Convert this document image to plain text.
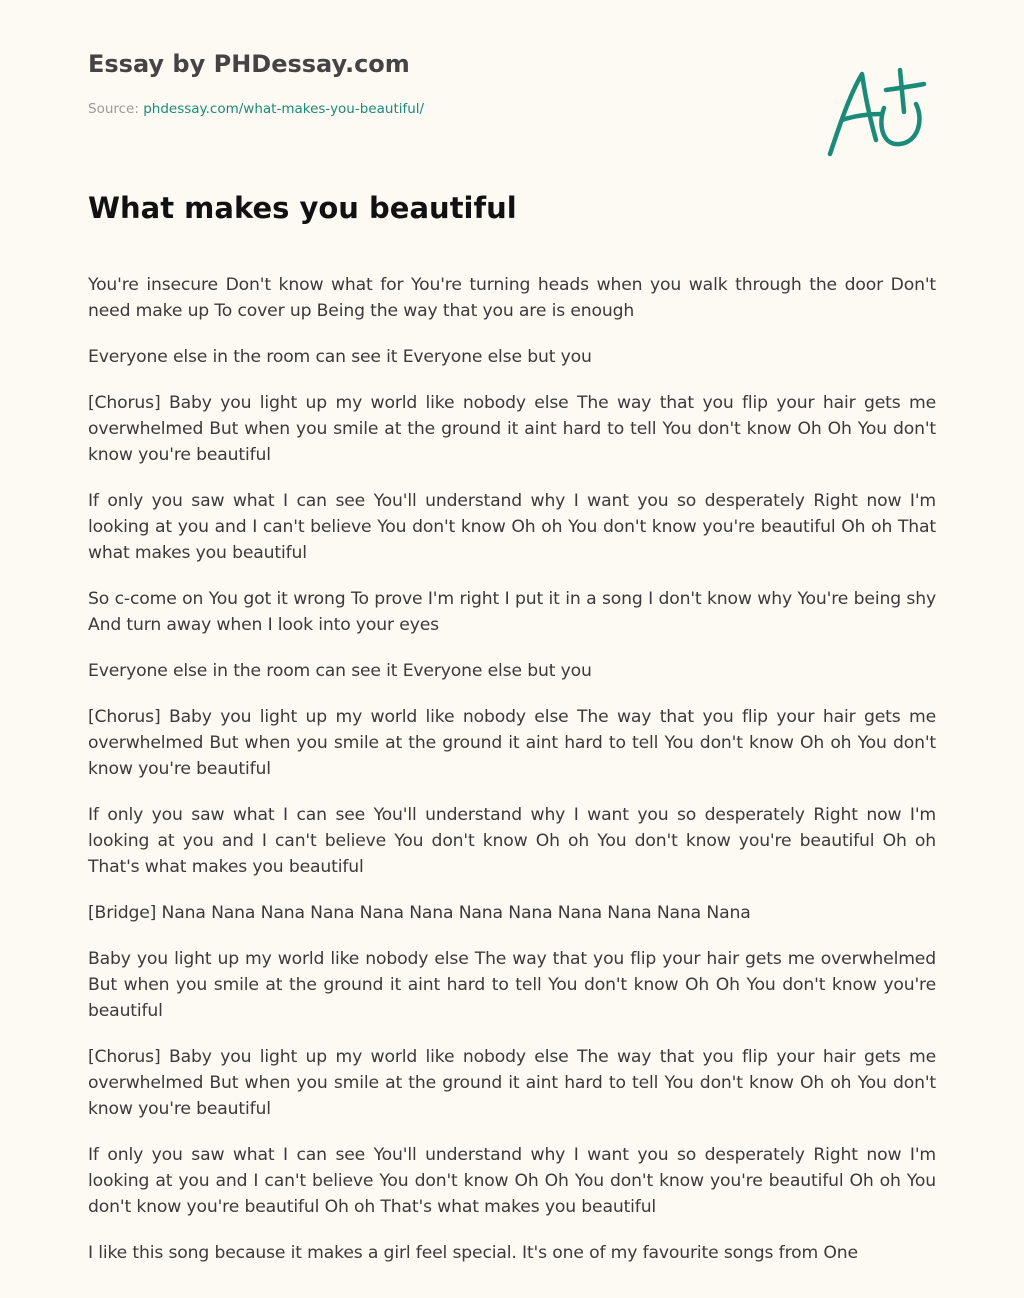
Essay by PHDessay.com
Source: phdessay.com/what-makes-you-beautiful/
What makes you beautiful

You're insecure Don't know what for You're turning heads when you walk through the door Don't need make up To cover up Being the way that you are is enough

Everyone else in the room can see it Everyone else but you

[Chorus] Baby you light up my world like nobody else The way that you flip your hair gets me overwhelmed But when you smile at the ground it aint hard to tell You don't know Oh Oh You don't know you're beautiful

If only you saw what I can see You'll understand why I want you so desperately Right now I'm looking at you and I can't believe You don't know Oh oh You don't know you're beautiful Oh oh That what makes you beautiful

So c-come on You got it wrong To prove I'm right I put it in a song I don't know why You're being shy And turn away when I look into your eyes

Everyone else in the room can see it Everyone else but you

[Chorus] Baby you light up my world like nobody else The way that you flip your hair gets me overwhelmed But when you smile at the ground it aint hard to tell You don't know Oh oh You don't know you're beautiful

If only you saw what I can see You'll understand why I want you so desperately Right now I'm looking at you and I can't believe You don't know Oh oh You don't know you're beautiful Oh oh That's what makes you beautiful

[Bridge] Nana Nana Nana Nana Nana Nana Nana Nana Nana Nana Nana Nana

Baby you light up my world like nobody else The way that you flip your hair gets me overwhelmed But when you smile at the ground it aint hard to tell You don't know Oh Oh You don't know you're beautiful

[Chorus] Baby you light up my world like nobody else The way that you flip your hair gets me overwhelmed But when you smile at the ground it aint hard to tell You don't know Oh oh You don't know you're beautiful

If only you saw what I can see You'll understand why I want you so desperately Right now I'm looking at you and I can't believe You don't know Oh Oh You don't know you're beautiful Oh oh You don't know you're beautiful Oh oh That's what makes you beautiful

I like this song because it makes a girl feel special. It's one of my favourite songs from One
